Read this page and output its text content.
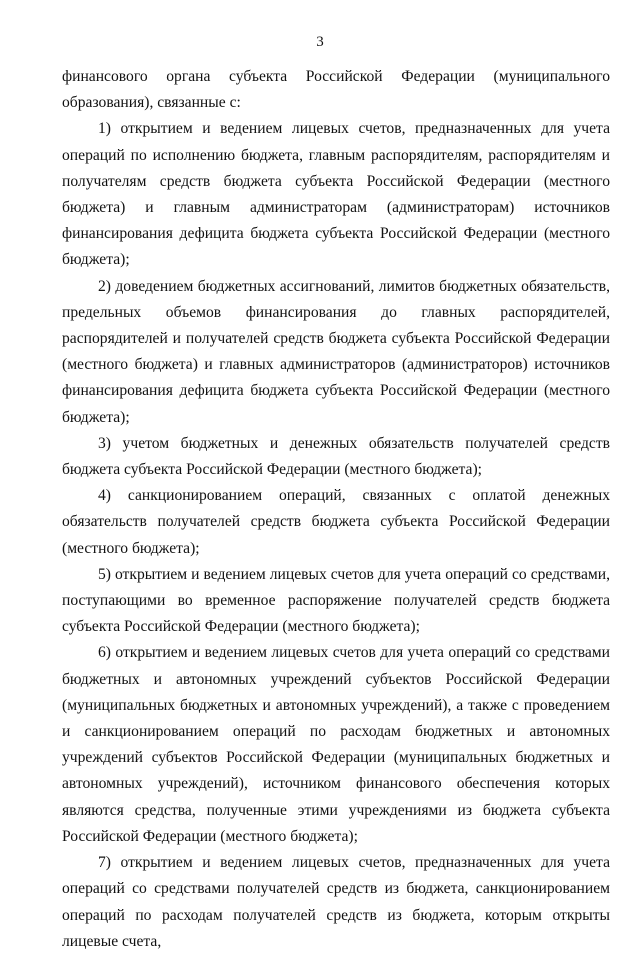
3

финансового органа субъекта Российской Федерации (муниципального образования), связанные с:

1) открытием и ведением лицевых счетов, предназначенных для учета операций по исполнению бюджета, главным распорядителям, распорядителям и получателям средств бюджета субъекта Российской Федерации (местного бюджета) и главным администраторам (администраторам) источников финансирования дефицита бюджета субъекта Российской Федерации (местного бюджета);

2) доведением бюджетных ассигнований, лимитов бюджетных обязательств, предельных объемов финансирования до главных распорядителей, распорядителей и получателей средств бюджета субъекта Российской Федерации (местного бюджета) и главных администраторов (администраторов) источников финансирования дефицита бюджета субъекта Российской Федерации (местного бюджета);

3) учетом бюджетных и денежных обязательств получателей средств бюджета субъекта Российской Федерации (местного бюджета);

4) санкционированием операций, связанных с оплатой денежных обязательств получателей средств бюджета субъекта Российской Федерации (местного бюджета);

5) открытием и ведением лицевых счетов для учета операций со средствами, поступающими во временное распоряжение получателей средств бюджета субъекта Российской Федерации (местного бюджета);

6) открытием и ведением лицевых счетов для учета операций со средствами бюджетных и автономных учреждений субъектов Российской Федерации (муниципальных бюджетных и автономных учреждений), а также с проведением и санкционированием операций по расходам бюджетных и автономных учреждений субъектов Российской Федерации (муниципальных бюджетных и автономных учреждений), источником финансового обеспечения которых являются средства, полученные этими учреждениями из бюджета субъекта Российской Федерации (местного бюджета);

7) открытием и ведением лицевых счетов, предназначенных для учета операций со средствами получателей средств из бюджета, санкционированием операций по расходам получателей средств из бюджета, которым открыты лицевые счета,
